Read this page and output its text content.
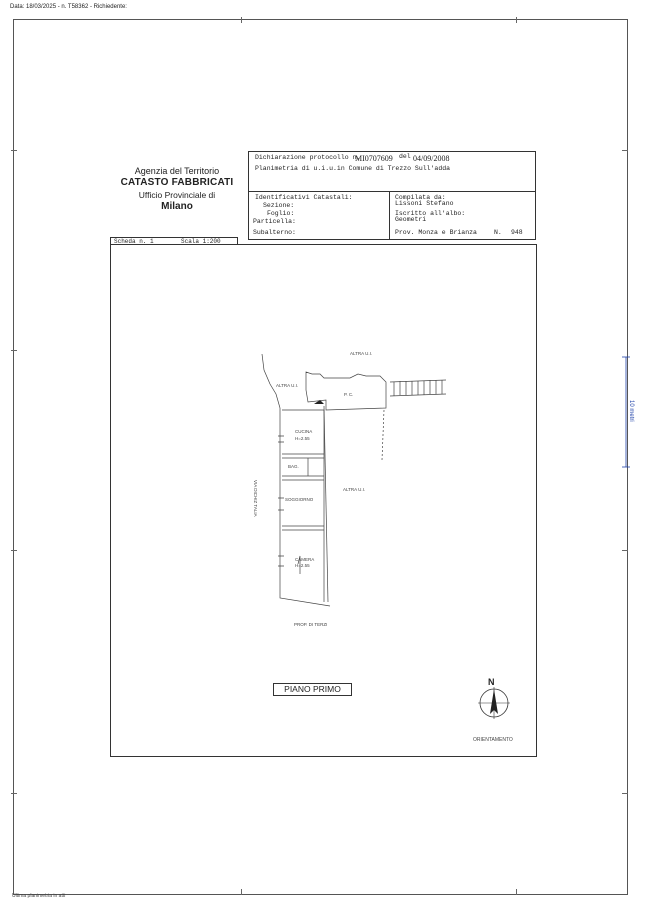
Data: 18/03/2025 - n. T58362 - Richiedente:
10 metri
Agenzia del Territorio
CATASTO FABBRICATI
Ufficio Provinciale di
Milano
Dichiarazione protocollo n.
MI0707609 del 04/09/2008
Planimetria di u.i.u.in Comune di Trezzo Sull'adda
Identificativi Catastali:
Sezione:
Foglio:
Particella:
Subalterno:
Compilata da:
Lissoni Stefano
Iscritto all'albo:
Geometri
Prov. Monza e Brianza	N. 948
Scheda n. 1	Scala 1:200
ALTRA U.I.
ALTRA U.I.
P. C.
CUCINA
H=2.55
BAG.
ALTRA U.I.
SOGGIORNO
CAMERA
H=2.55
VIA DICHIZ TALIA
PROP. DI TERZI
PIANO PRIMO
N
ORIENTAMENTO
Ultima planimetria in atti
